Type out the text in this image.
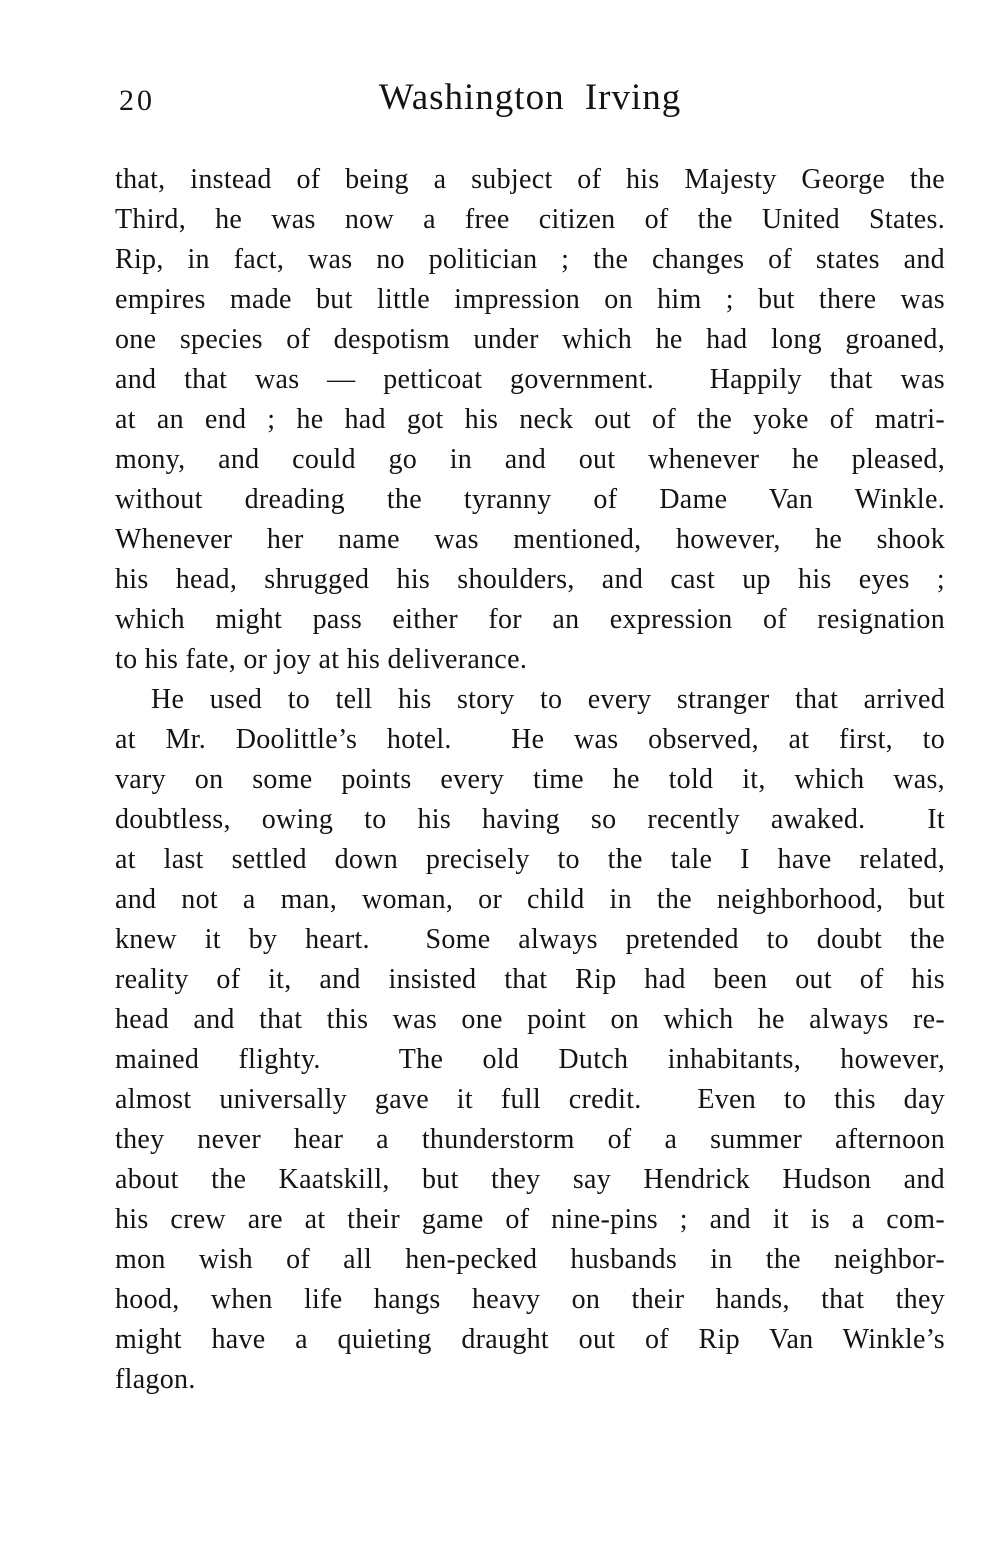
20	Washington Irving
that, instead of being a subject of his Majesty George the
Third, he was now a free citizen of the United States.
Rip, in fact, was no politician ; the changes of states and
empires made but little impression on him ; but there was
one species of despotism under which he had long groaned,
and that was — petticoat government.  Happily that was
at an end ; he had got his neck out of the yoke of matri-
mony, and could go in and out whenever he pleased,
without dreading the tyranny of Dame Van Winkle.
Whenever her name was mentioned, however, he shook
his head, shrugged his shoulders, and cast up his eyes ;
which might pass either for an expression of resignation
to his fate, or joy at his deliverance.
He used to tell his story to every stranger that arrived
at Mr. Doolittle’s hotel.  He was observed, at first, to
vary on some points every time he told it, which was,
doubtless, owing to his having so recently awaked.  It
at last settled down precisely to the tale I have related,
and not a man, woman, or child in the neighborhood, but
knew it by heart.  Some always pretended to doubt the
reality of it, and insisted that Rip had been out of his
head and that this was one point on which he always re-
mained flighty.  The old Dutch inhabitants, however,
almost universally gave it full credit.  Even to this day
they never hear a thunderstorm of a summer afternoon
about the Kaatskill, but they say Hendrick Hudson and
his crew are at their game of nine-pins ; and it is a com-
mon wish of all hen-pecked husbands in the neighbor-
hood, when life hangs heavy on their hands, that they
might have a quieting draught out of Rip Van Winkle’s
flagon.
